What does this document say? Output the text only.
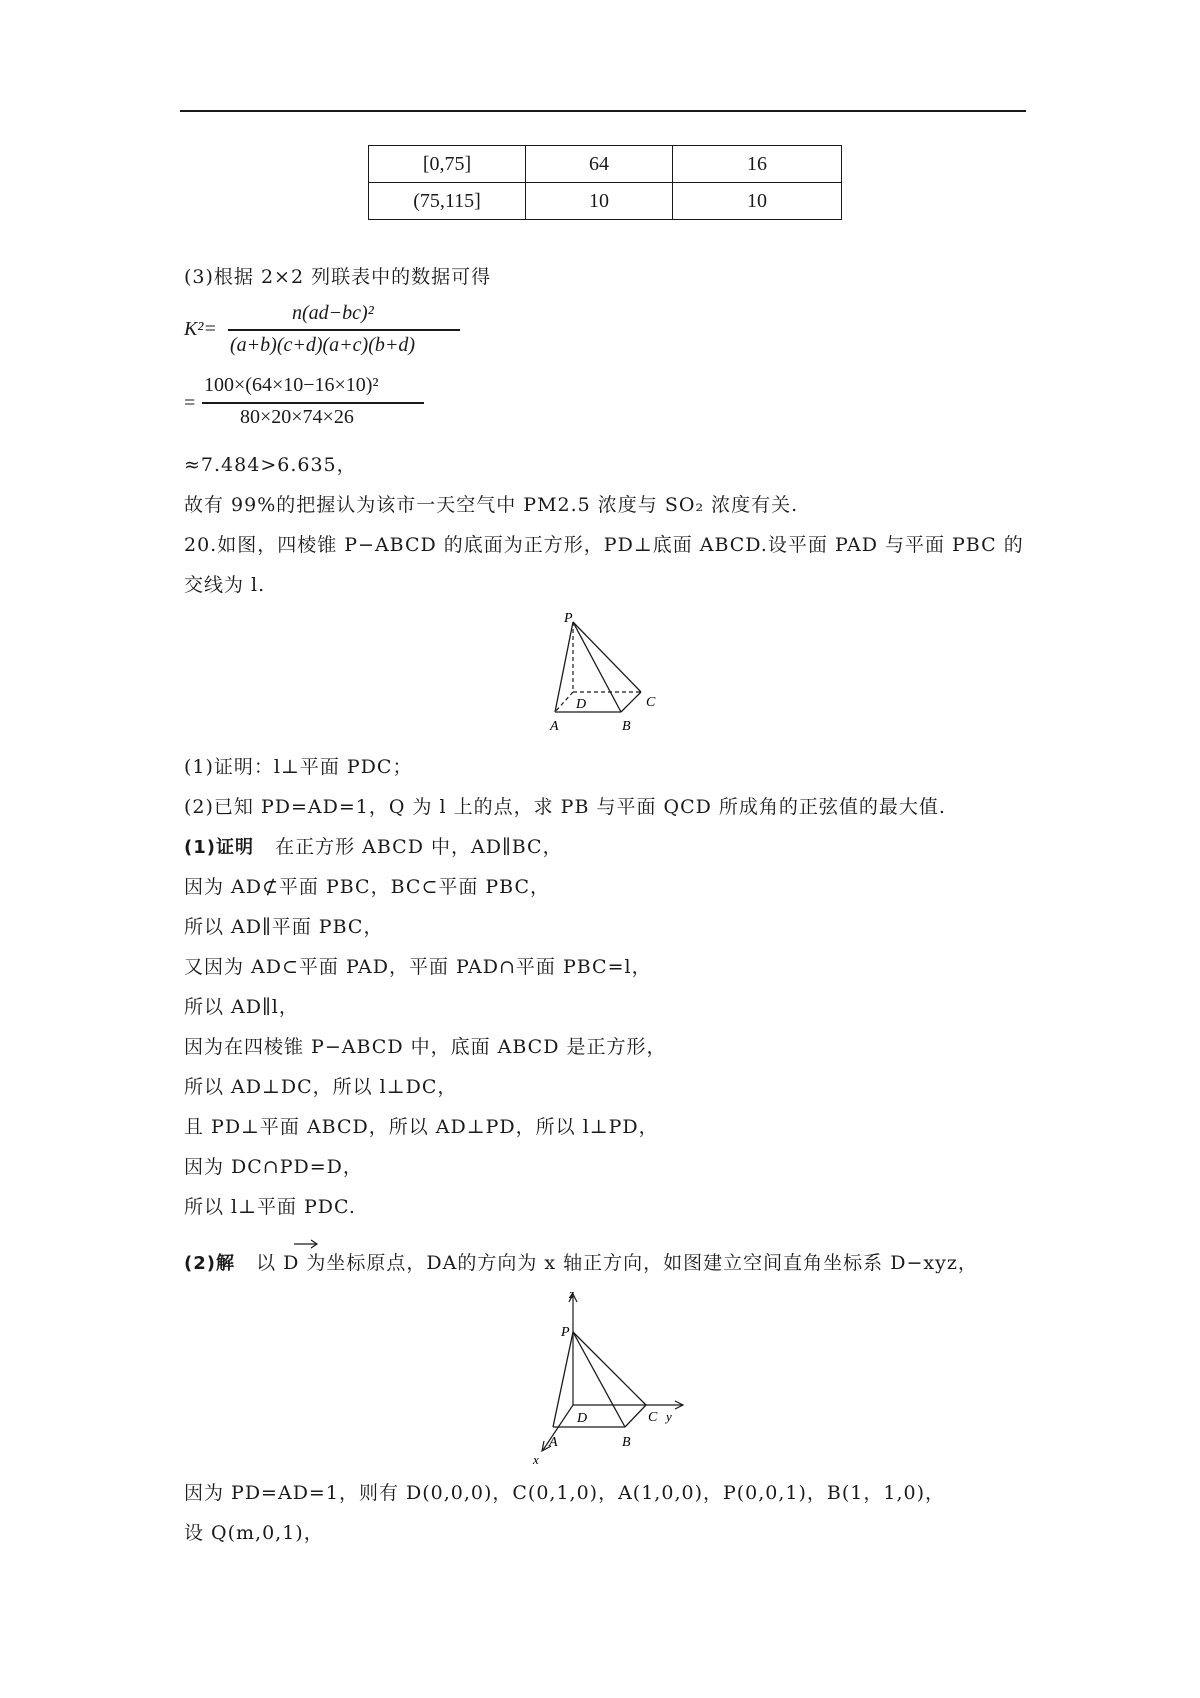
[0,75]	64	16
(75,115]	10	10
(3)根据 2×2 列联表中的数据可得
K²=
n(ad−bc)²
(a+b)(c+d)(a+c)(b+d)
=
100×(64×10−16×10)²
80×20×74×26
≈7.484>6.635，
故有 99%的把握认为该市一天空气中 PM2.5 浓度与 SO₂ 浓度有关.
20.如图，四棱锥 P−ABCD 的底面为正方形，PD⊥底面 ABCD.设平面 PAD 与平面 PBC 的
交线为 l.
P
D	C
A	B
(1)证明：l⊥平面 PDC；
(2)已知 PD=AD=1，Q 为 l 上的点，求 PB 与平面 QCD 所成角的正弦值的最大值.
(1)证明 在正方形 ABCD 中，AD∥BC，
因为 AD⊄平面 PBC，BC⊂平面 PBC，
所以 AD∥平面 PBC，
又因为 AD⊂平面 PAD，平面 PAD∩平面 PBC=l，
所以 AD∥l，
因为在四棱锥 P−ABCD 中，底面 ABCD 是正方形，
所以 AD⊥DC，所以 l⊥DC，
且 PD⊥平面 ABCD，所以 AD⊥PD，所以 l⊥PD，
因为 DC∩PD=D，
所以 l⊥平面 PDC.
(2)解 以 D 为坐标原点，DA的方向为 x 轴正方向，如图建立空间直角坐标系 D−xyz，
z
P
D	C y
A	B
x
因为 PD=AD=1，则有 D(0,0,0)，C(0,1,0)，A(1,0,0)，P(0,0,1)，B(1，1,0)，
设 Q(m,0,1)，
